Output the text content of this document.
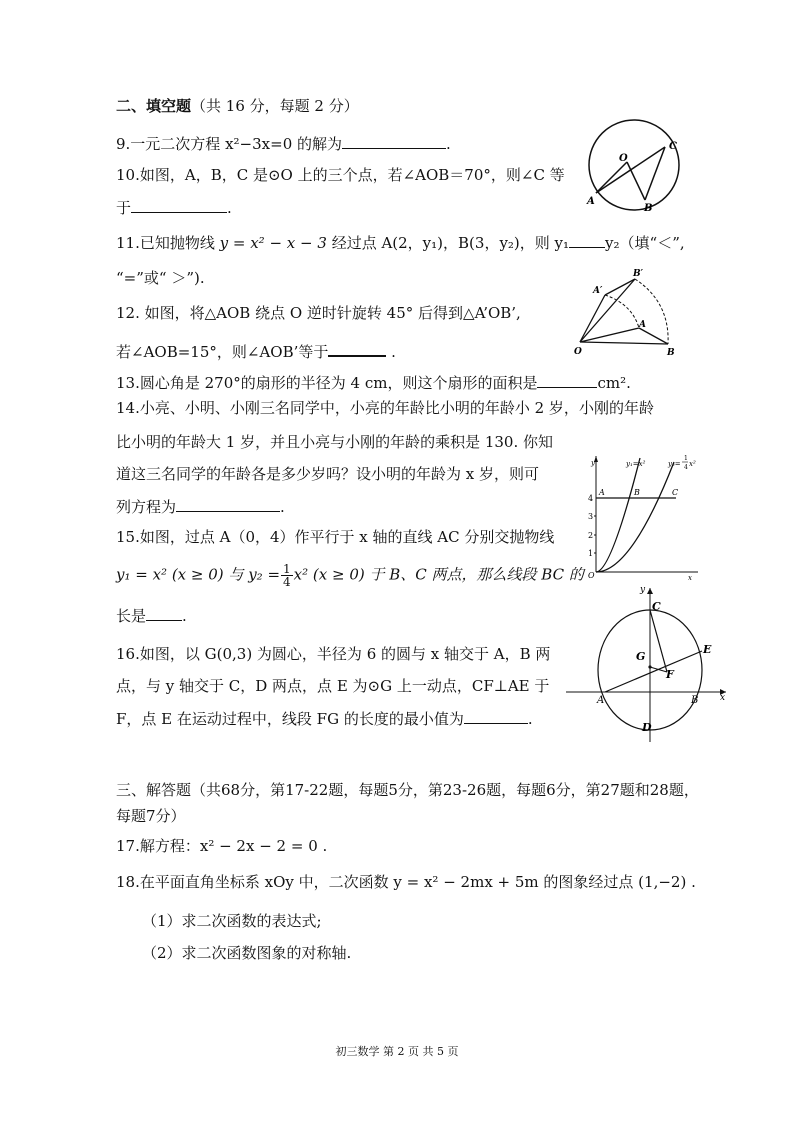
二、填空题（共 16 分，每题 2 分）
9.一元二次方程 x²−3x=0 的解为	.
10.如图，A，B，C 是⊙O 上的三个点，若∠AOB＝70°，则∠C 等
于	.
11.已知抛物线 y = x² − x − 3 经过点 A(2，y₁)，B(3，y₂)，则 y₁ y₂（填“＜”,
“=”或“ ＞”).
12. 如图，将△AOB 绕点 O 逆时针旋转 45° 后得到△A’OB’,
若∠AOB=15°，则∠AOB’等于	.
13.圆心角是 270°的扇形的半径为 4 cm，则这个扇形的面积是	cm².
14.小亮、小明、小刚三名同学中，小亮的年龄比小明的年龄小 2 岁，小刚的年龄
比小明的年龄大 1 岁，并且小亮与小刚的年龄的乘积是 130. 你知
道这三名同学的年龄各是多少岁吗？设小明的年龄为 x 岁，则可
列方程为	.
15.如图，过点 A（0，4）作平行于 x 轴的直线 AC 分别交抛物线
y₁ = x² (x ≥ 0) 与 $y_2 = \frac{1}{4} x^2$ (x ≥ 0) 于 B、C 两点，那么线段 BC 的
长是 .
16.如图，以 G(0,3) 为圆心，半径为 6 的圆与 x 轴交于 A，B 两
点，与 y 轴交于 C，D 两点，点 E 为⊙G 上一动点，CF⊥AE 于
F，点 E 在运动过程中，线段 FG 的长度的最小值为	.
三、解答题（共68分，第17-22题，每题5分，第23-26题，每题6分，第27题和28题，
每题7分）
17.解方程：x² − 2x − 2 = 0 .
18.在平面直角坐标系 xOy 中，二次函数 y = x² − 2mx + 5m 的图象经过点 (1,−2) .
（1）求二次函数的表达式;
（2）求二次函数图象的对称轴.
O
A
B
C
B′
A′
A
O	B
y
x
O
1
2
3
4
A	B	C
y₁=x²	y₂=
1
4 x²
y
x
C
G
E
F
A	B
D
初三数学 第 2 页 共 5 页
